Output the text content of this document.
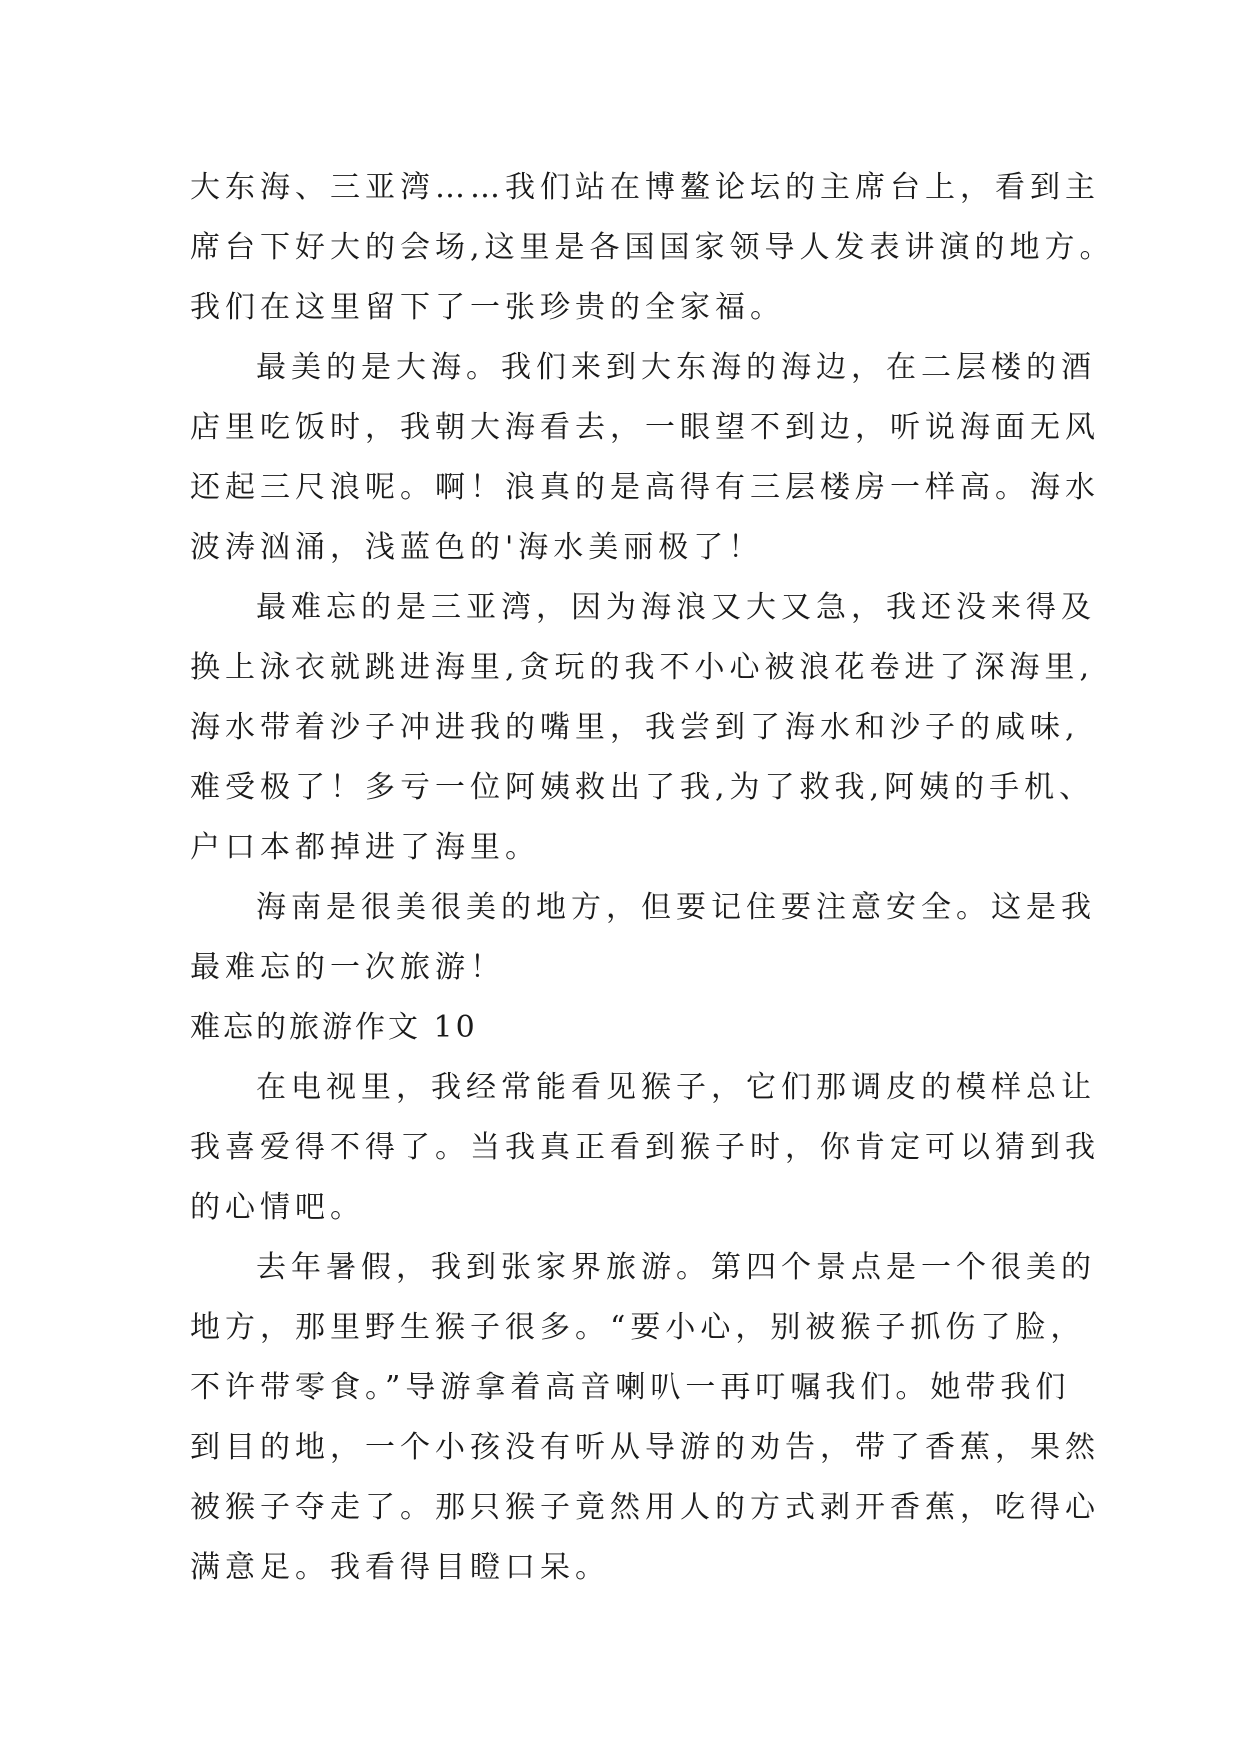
大东海、三亚湾……我们站在博鳌论坛的主席台上，看到主
席台下好大的会场,这里是各国国家领导人发表讲演的地方。
我们在这里留下了一张珍贵的全家福。
最美的是大海。我们来到大东海的海边，在二层楼的酒
店里吃饭时，我朝大海看去，一眼望不到边，听说海面无风
还起三尺浪呢。啊！浪真的是高得有三层楼房一样高。海水
波涛汹涌，浅蓝色的'海水美丽极了！
最难忘的是三亚湾，因为海浪又大又急，我还没来得及
换上泳衣就跳进海里,贪玩的我不小心被浪花卷进了深海里,
海水带着沙子冲进我的嘴里，我尝到了海水和沙子的咸味,
难受极了！多亏一位阿姨救出了我,为了救我,阿姨的手机、
户口本都掉进了海里。
海南是很美很美的地方，但要记住要注意安全。这是我
最难忘的一次旅游！
难忘的旅游作文 10
在电视里，我经常能看见猴子，它们那调皮的模样总让
我喜爱得不得了。当我真正看到猴子时，你肯定可以猜到我
的心情吧。
去年暑假，我到张家界旅游。第四个景点是一个很美的
地方，那里野生猴子很多。“要小心，别被猴子抓伤了脸，
不许带零食。”导游拿着高音喇叭一再叮嘱我们。她带我们
到目的地，一个小孩没有听从导游的劝告，带了香蕉，果然
被猴子夺走了。那只猴子竟然用人的方式剥开香蕉，吃得心
满意足。我看得目瞪口呆。
